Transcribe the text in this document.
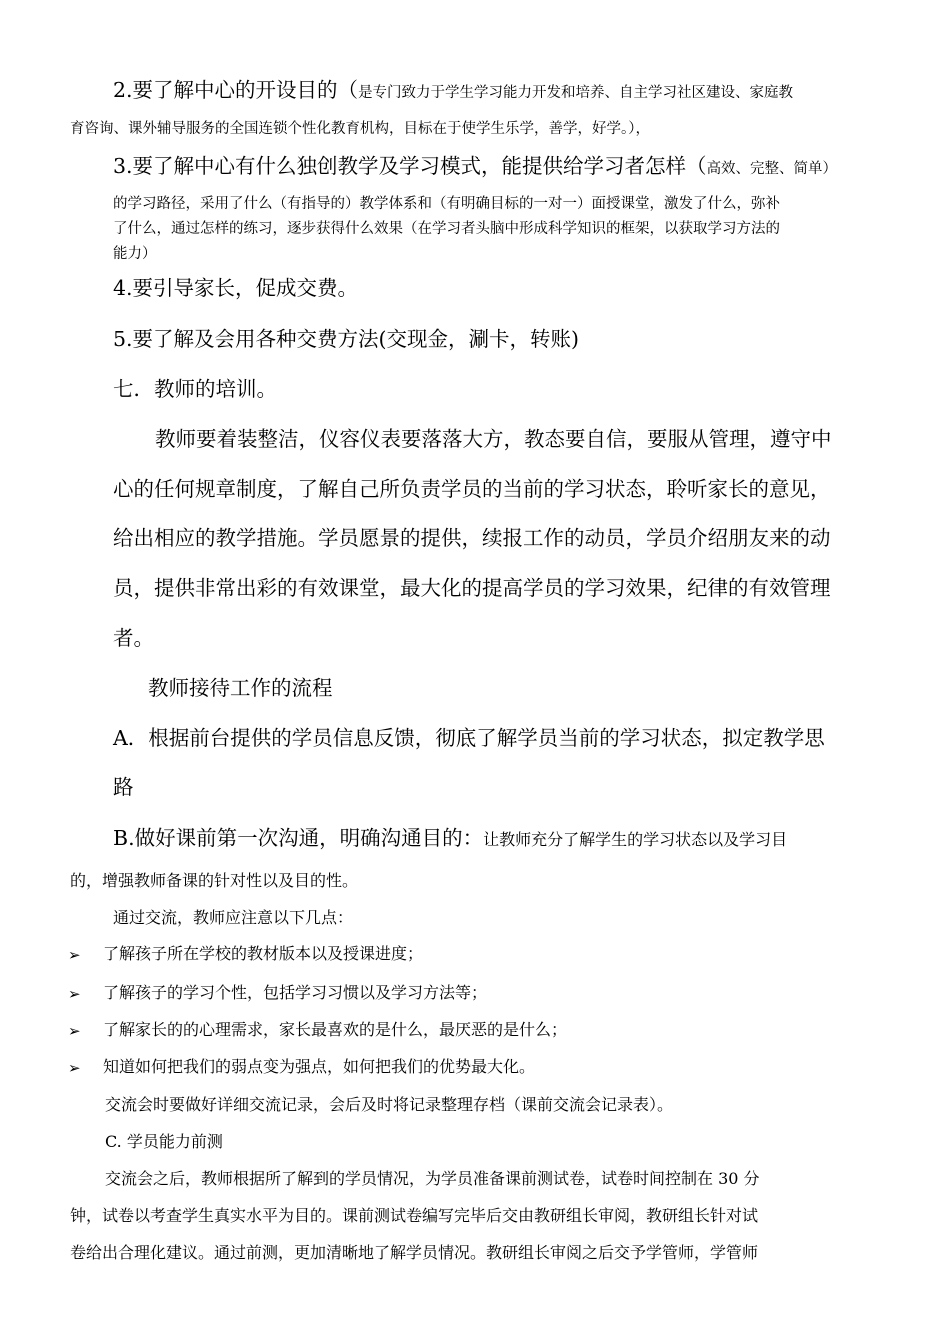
2.要了解中心的开设目的（是专门致力于学生学习能力开发和培养、自主学习社区建设、家庭教
育咨询、课外辅导服务的全国连锁个性化教育机构，目标在于使学生乐学，善学，好学。），
3.要了解中心有什么独创教学及学习模式，能提供给学习者怎样（高效、完整、简单）
的学习路径，采用了什么（有指导的）教学体系和（有明确目标的一对一）面授课堂，激发了什么，弥补
了什么，通过怎样的练习，逐步获得什么效果（在学习者头脑中形成科学知识的框架，以获取学习方法的
能力）
4.要引导家长，促成交费。
5.要了解及会用各种交费方法(交现金，涮卡，转账)
七．教师的培训。
教师要着装整洁，仪容仪表要落落大方，教态要自信，要服从管理，遵守中
心的任何规章制度，了解自己所负责学员的当前的学习状态，聆听家长的意见，
给出相应的教学措施。学员愿景的提供，续报工作的动员，学员介绍朋友来的动
员，提供非常出彩的有效课堂，最大化的提高学员的学习效果，纪律的有效管理
者。
教师接待工作的流程
A．根据前台提供的学员信息反馈，彻底了解学员当前的学习状态，拟定教学思
路
B.做好课前第一次沟通，明确沟通目的：让教师充分了解学生的学习状态以及学习目
的，增强教师备课的针对性以及目的性。
通过交流，教师应注意以下几点：
➢ 了解孩子所在学校的教材版本以及授课进度；
➢ 了解孩子的学习个性，包括学习习惯以及学习方法等；
➢ 了解家长的的心理需求，家长最喜欢的是什么，最厌恶的是什么；
➢ 知道如何把我们的弱点变为强点，如何把我们的优势最大化。
交流会时要做好详细交流记录，会后及时将记录整理存档（课前交流会记录表）。
C. 学员能力前测
交流会之后，教师根据所了解到的学员情况，为学员准备课前测试卷，试卷时间控制在 30 分
钟，试卷以考查学生真实水平为目的。课前测试卷编写完毕后交由教研组长审阅，教研组长针对试
卷给出合理化建议。通过前测，更加清晰地了解学员情况。教研组长审阅之后交予学管师，学管师
